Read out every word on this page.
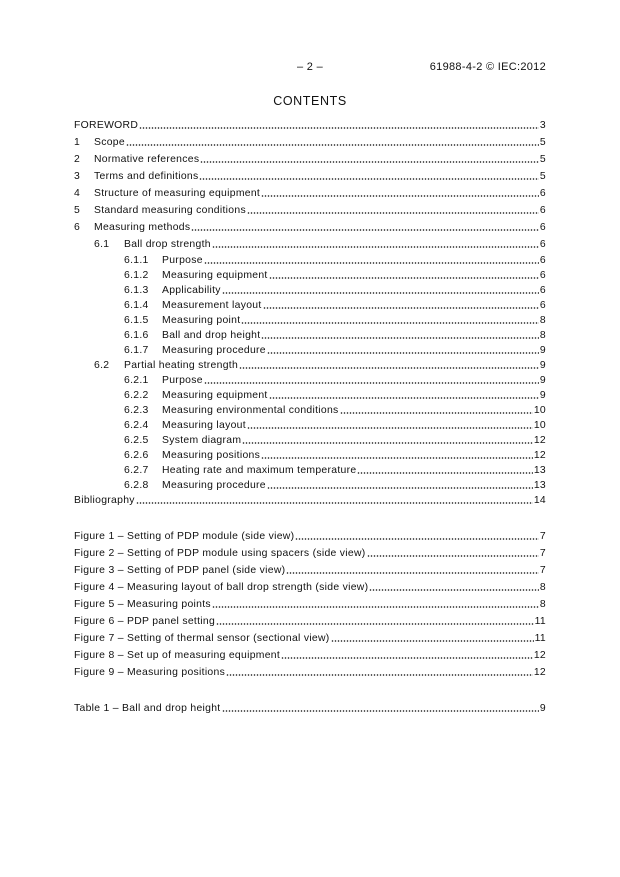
– 2 –	61988-4-2 © IEC:2012
CONTENTS
FOREWORD	3
1	Scope	5
2	Normative references	5
3	Terms and definitions	5
4	Structure of measuring equipment	6
5	Standard measuring conditions	6
6	Measuring methods	6
6.1	Ball drop strength	6
6.1.1	Purpose	6
6.1.2	Measuring equipment	6
6.1.3	Applicability	6
6.1.4	Measurement layout	6
6.1.5	Measuring point	8
6.1.6	Ball and drop height	8
6.1.7	Measuring procedure	9
6.2	Partial heating strength	9
6.2.1	Purpose	9
6.2.2	Measuring equipment	9
6.2.3	Measuring environmental conditions	10
6.2.4	Measuring layout	10
6.2.5	System diagram	12
6.2.6	Measuring positions	12
6.2.7	Heating rate and maximum temperature	13
6.2.8	Measuring procedure	13
Bibliography	14
Figure 1 – Setting of PDP module (side view)	7
Figure 2 – Setting of PDP module using spacers (side view)	7
Figure 3 – Setting of PDP panel (side view)	7
Figure 4 – Measuring layout of ball drop strength (side view)	8
Figure 5 – Measuring points	8
Figure 6 – PDP panel setting	11
Figure 7 – Setting of thermal sensor (sectional view)	11
Figure 8 – Set up of measuring equipment	12
Figure 9 – Measuring positions	12
Table 1 – Ball and drop height	9
